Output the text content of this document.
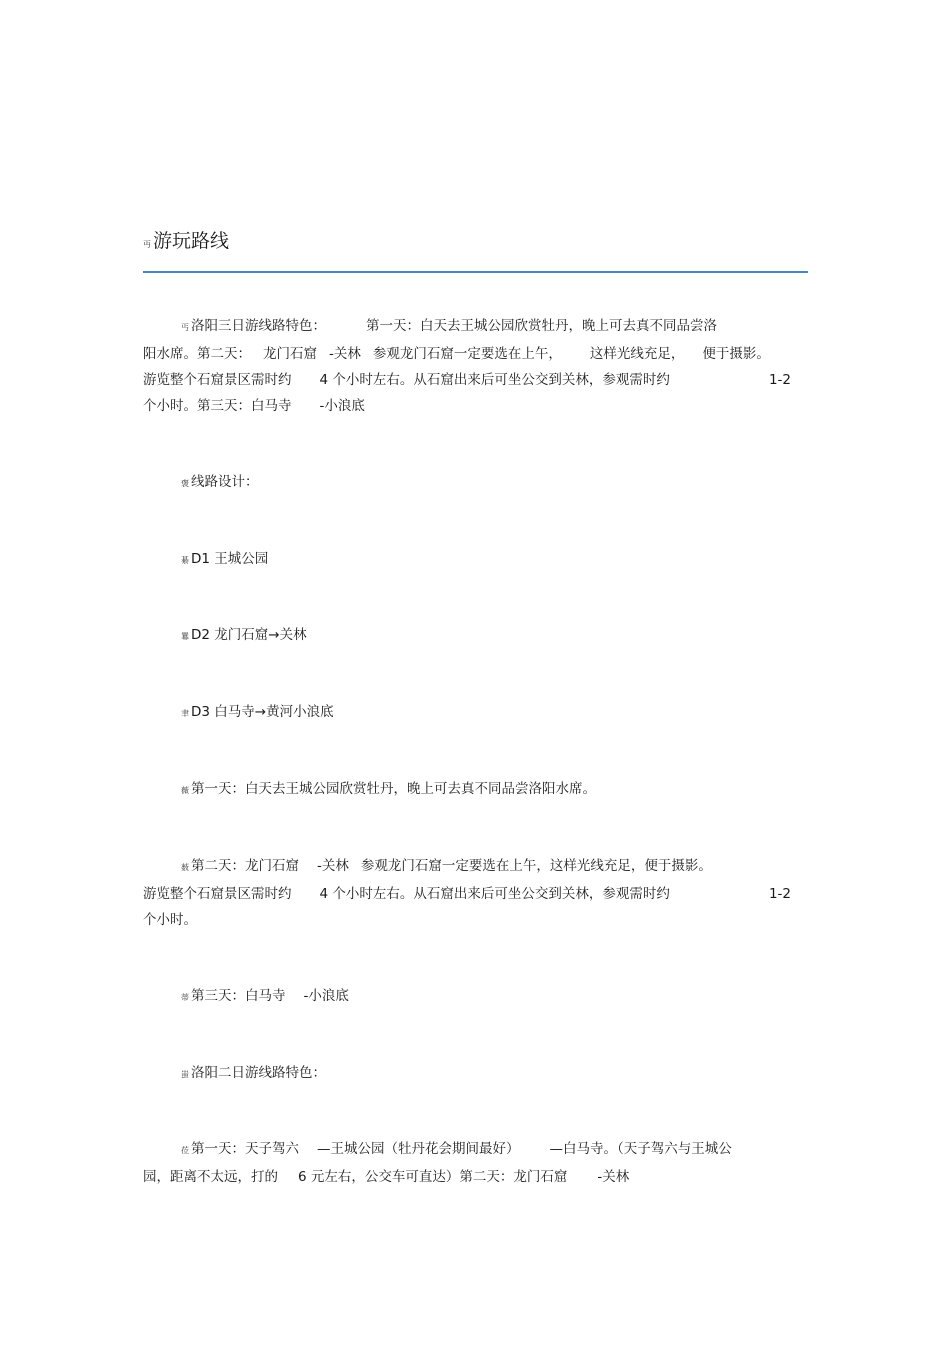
丏 游玩路线

丐 洛阳三日游线路特色：	第一天：白天去王城公园欣赏牡丹，晚上可去真不同品尝洛
阳水席。第二天： 龙门石窟 -关林 参观龙门石窟一定要选在上午， 这样光线充足， 便于摄影。
游览整个石窟景区需时约 4 个小时左右。从石窟出来后可坐公交到关林，参观需时约	1-2
个小时。第三天：白马寺 -小浪底

褒 线路设计：

綦 D1 王城公园

羃 D2 龙门石窟→关林

聿 D3 白马寺→黄河小浪底

薇 第一天：白天去王城公园欣赏牡丹，晚上可去真不同品尝洛阳水席。

薮 第二天：龙门石窟 -关林 参观龙门石窟一定要选在上午，这样光线充足，便于摄影。
游览整个石窟景区需时约 4 个小时左右。从石窟出来后可坐公交到关林，参观需时约	1-2
个小时。

蒂 第三天：白马寺 -小浪底

蚩 洛阳二日游线路特色：

莅 第一天：天子驾六 —王城公园（牡丹花会期间最好） —白马寺。（天子驾六与王城公
园，距离不太远，打的 6 元左右，公交车可直达）第二天：龙门石窟 -关林
